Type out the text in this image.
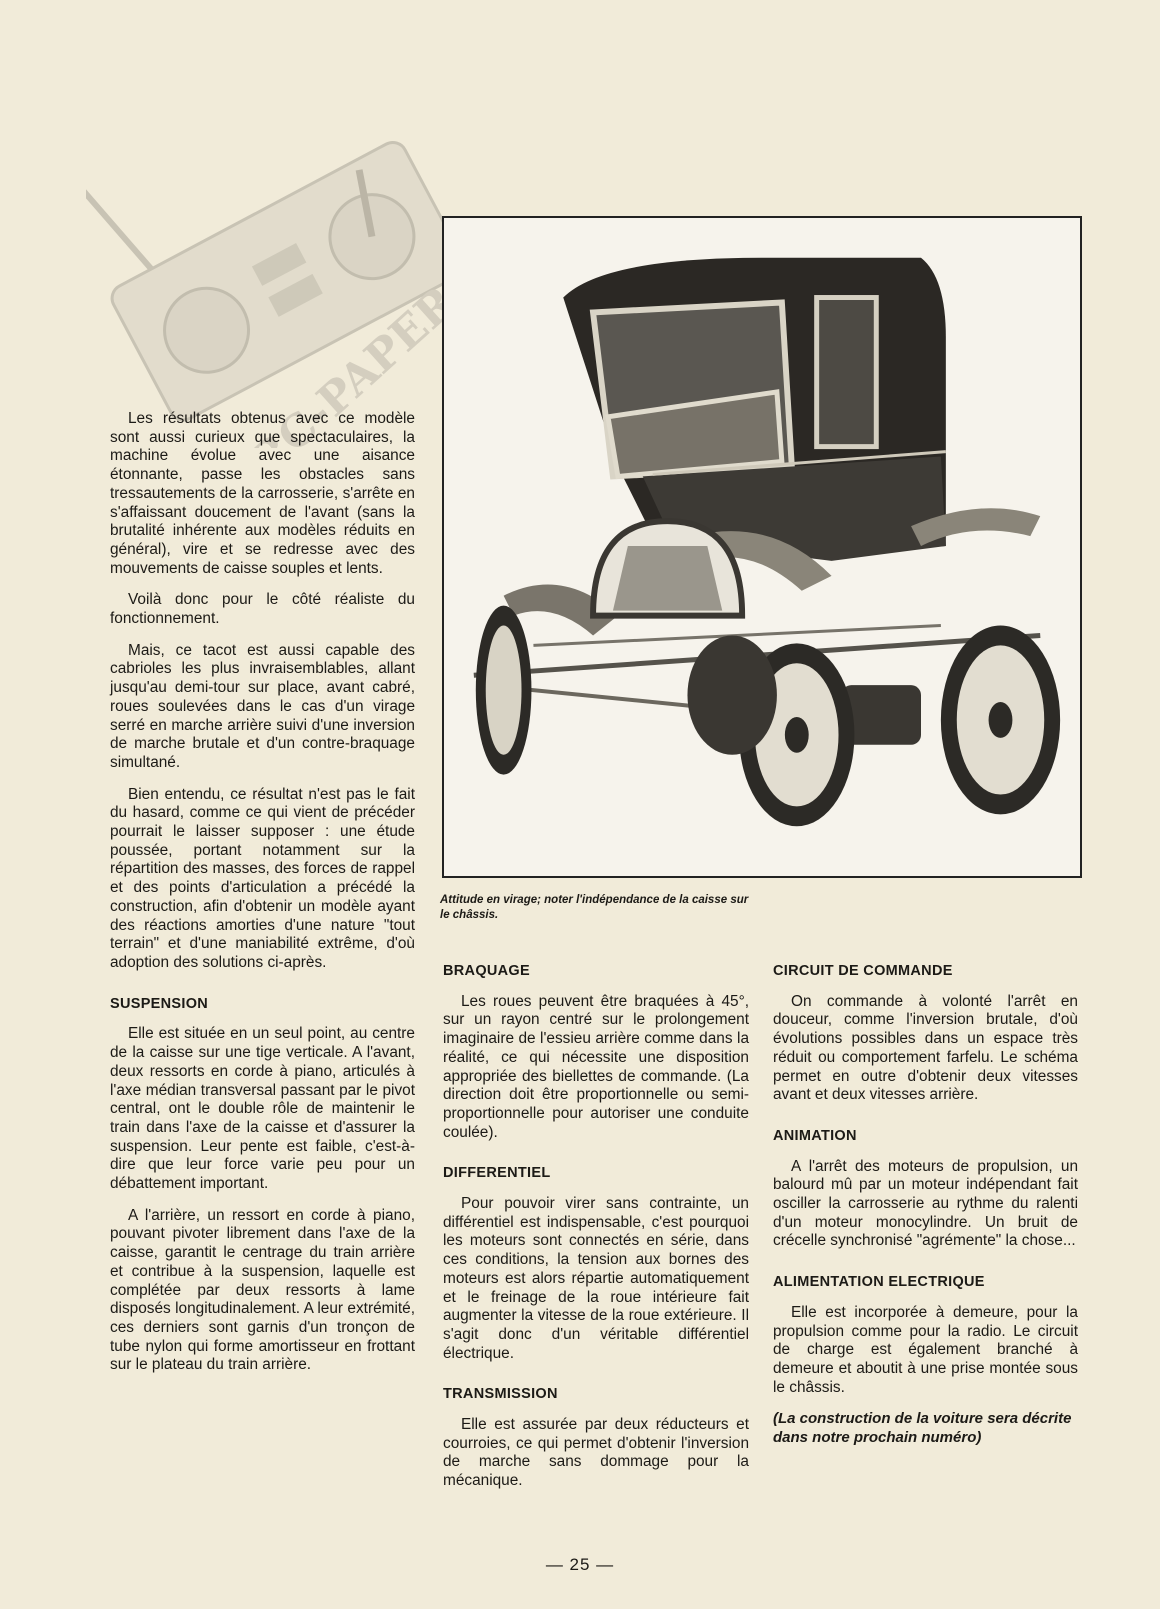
Attitude en virage; noter l'indépendance de la caisse sur le châssis.

Les résultats obtenus avec ce modèle sont aussi curieux que spectaculaires, la machine évolue avec une aisance étonnante, passe les obstacles sans tressautements de la carrosserie, s'arrête en s'affaissant doucement de l'avant (sans la brutalité inhérente aux modèles réduits en général), vire et se redresse avec des mouvements de caisse souples et lents.

Voilà donc pour le côté réaliste du fonctionnement.

Mais, ce tacot est aussi capable des cabrioles les plus invraisemblables, allant jusqu'au demi-tour sur place, avant cabré, roues soulevées dans le cas d'un virage serré en marche arrière suivi d'une inversion de marche brutale et d'un contre-braquage simultané.

Bien entendu, ce résultat n'est pas le fait du hasard, comme ce qui vient de précéder pourrait le laisser supposer : une étude poussée, portant notamment sur la répartition des masses, des forces de rappel et des points d'articulation a précédé la construction, afin d'obtenir un modèle ayant des réactions amorties d'une nature "tout terrain" et d'une maniabilité extrême, d'où adoption des solutions ci-après.

SUSPENSION

Elle est située en un seul point, au centre de la caisse sur une tige verticale. A l'avant, deux ressorts en corde à piano, articulés à l'axe médian transversal passant par le pivot central, ont le double rôle de maintenir le train dans l'axe de la caisse et d'assurer la suspension. Leur pente est faible, c'est-à-dire que leur force varie peu pour un débattement important.

A l'arrière, un ressort en corde à piano, pouvant pivoter librement dans l'axe de la caisse, garantit le centrage du train arrière et contribue à la suspension, laquelle est complétée par deux ressorts à lame disposés longitudinalement. A leur extrémité, ces derniers sont garnis d'un tronçon de tube nylon qui forme amortisseur en frottant sur le plateau du train arrière.

BRAQUAGE

Les roues peuvent être braquées à 45°, sur un rayon centré sur le prolongement imaginaire de l'essieu arrière comme dans la réalité, ce qui nécessite une disposition appropriée des biellettes de commande. (La direction doit être proportionnelle ou semi-proportionnelle pour autoriser une conduite coulée).

DIFFERENTIEL

Pour pouvoir virer sans contrainte, un différentiel est indispensable, c'est pourquoi les moteurs sont connectés en série, dans ces conditions, la tension aux bornes des moteurs est alors répartie automatiquement et le freinage de la roue intérieure fait augmenter la vitesse de la roue extérieure. Il s'agit donc d'un véritable différentiel électrique.

TRANSMISSION

Elle est assurée par deux réducteurs et courroies, ce qui permet d'obtenir l'inversion de marche sans dommage pour la mécanique.

CIRCUIT DE COMMANDE

On commande à volonté l'arrêt en douceur, comme l'inversion brutale, d'où évolutions possibles dans un espace très réduit ou comportement farfelu. Le schéma permet en outre d'obtenir deux vitesses avant et deux vitesses arrière.

ANIMATION

A l'arrêt des moteurs de propulsion, un balourd mû par un moteur indépendant fait osciller la carrosserie au rythme du ralenti d'un moteur monocylindre. Un bruit de crécelle synchronisé "agrémente" la chose...

ALIMENTATION ELECTRIQUE

Elle est incorporée à demeure, pour la propulsion comme pour la radio. Le circuit de charge est également branché à demeure et aboutit à une prise montée sous le châssis.

(La construction de la voiture sera décrite dans notre prochain numéro)

— 25 —
